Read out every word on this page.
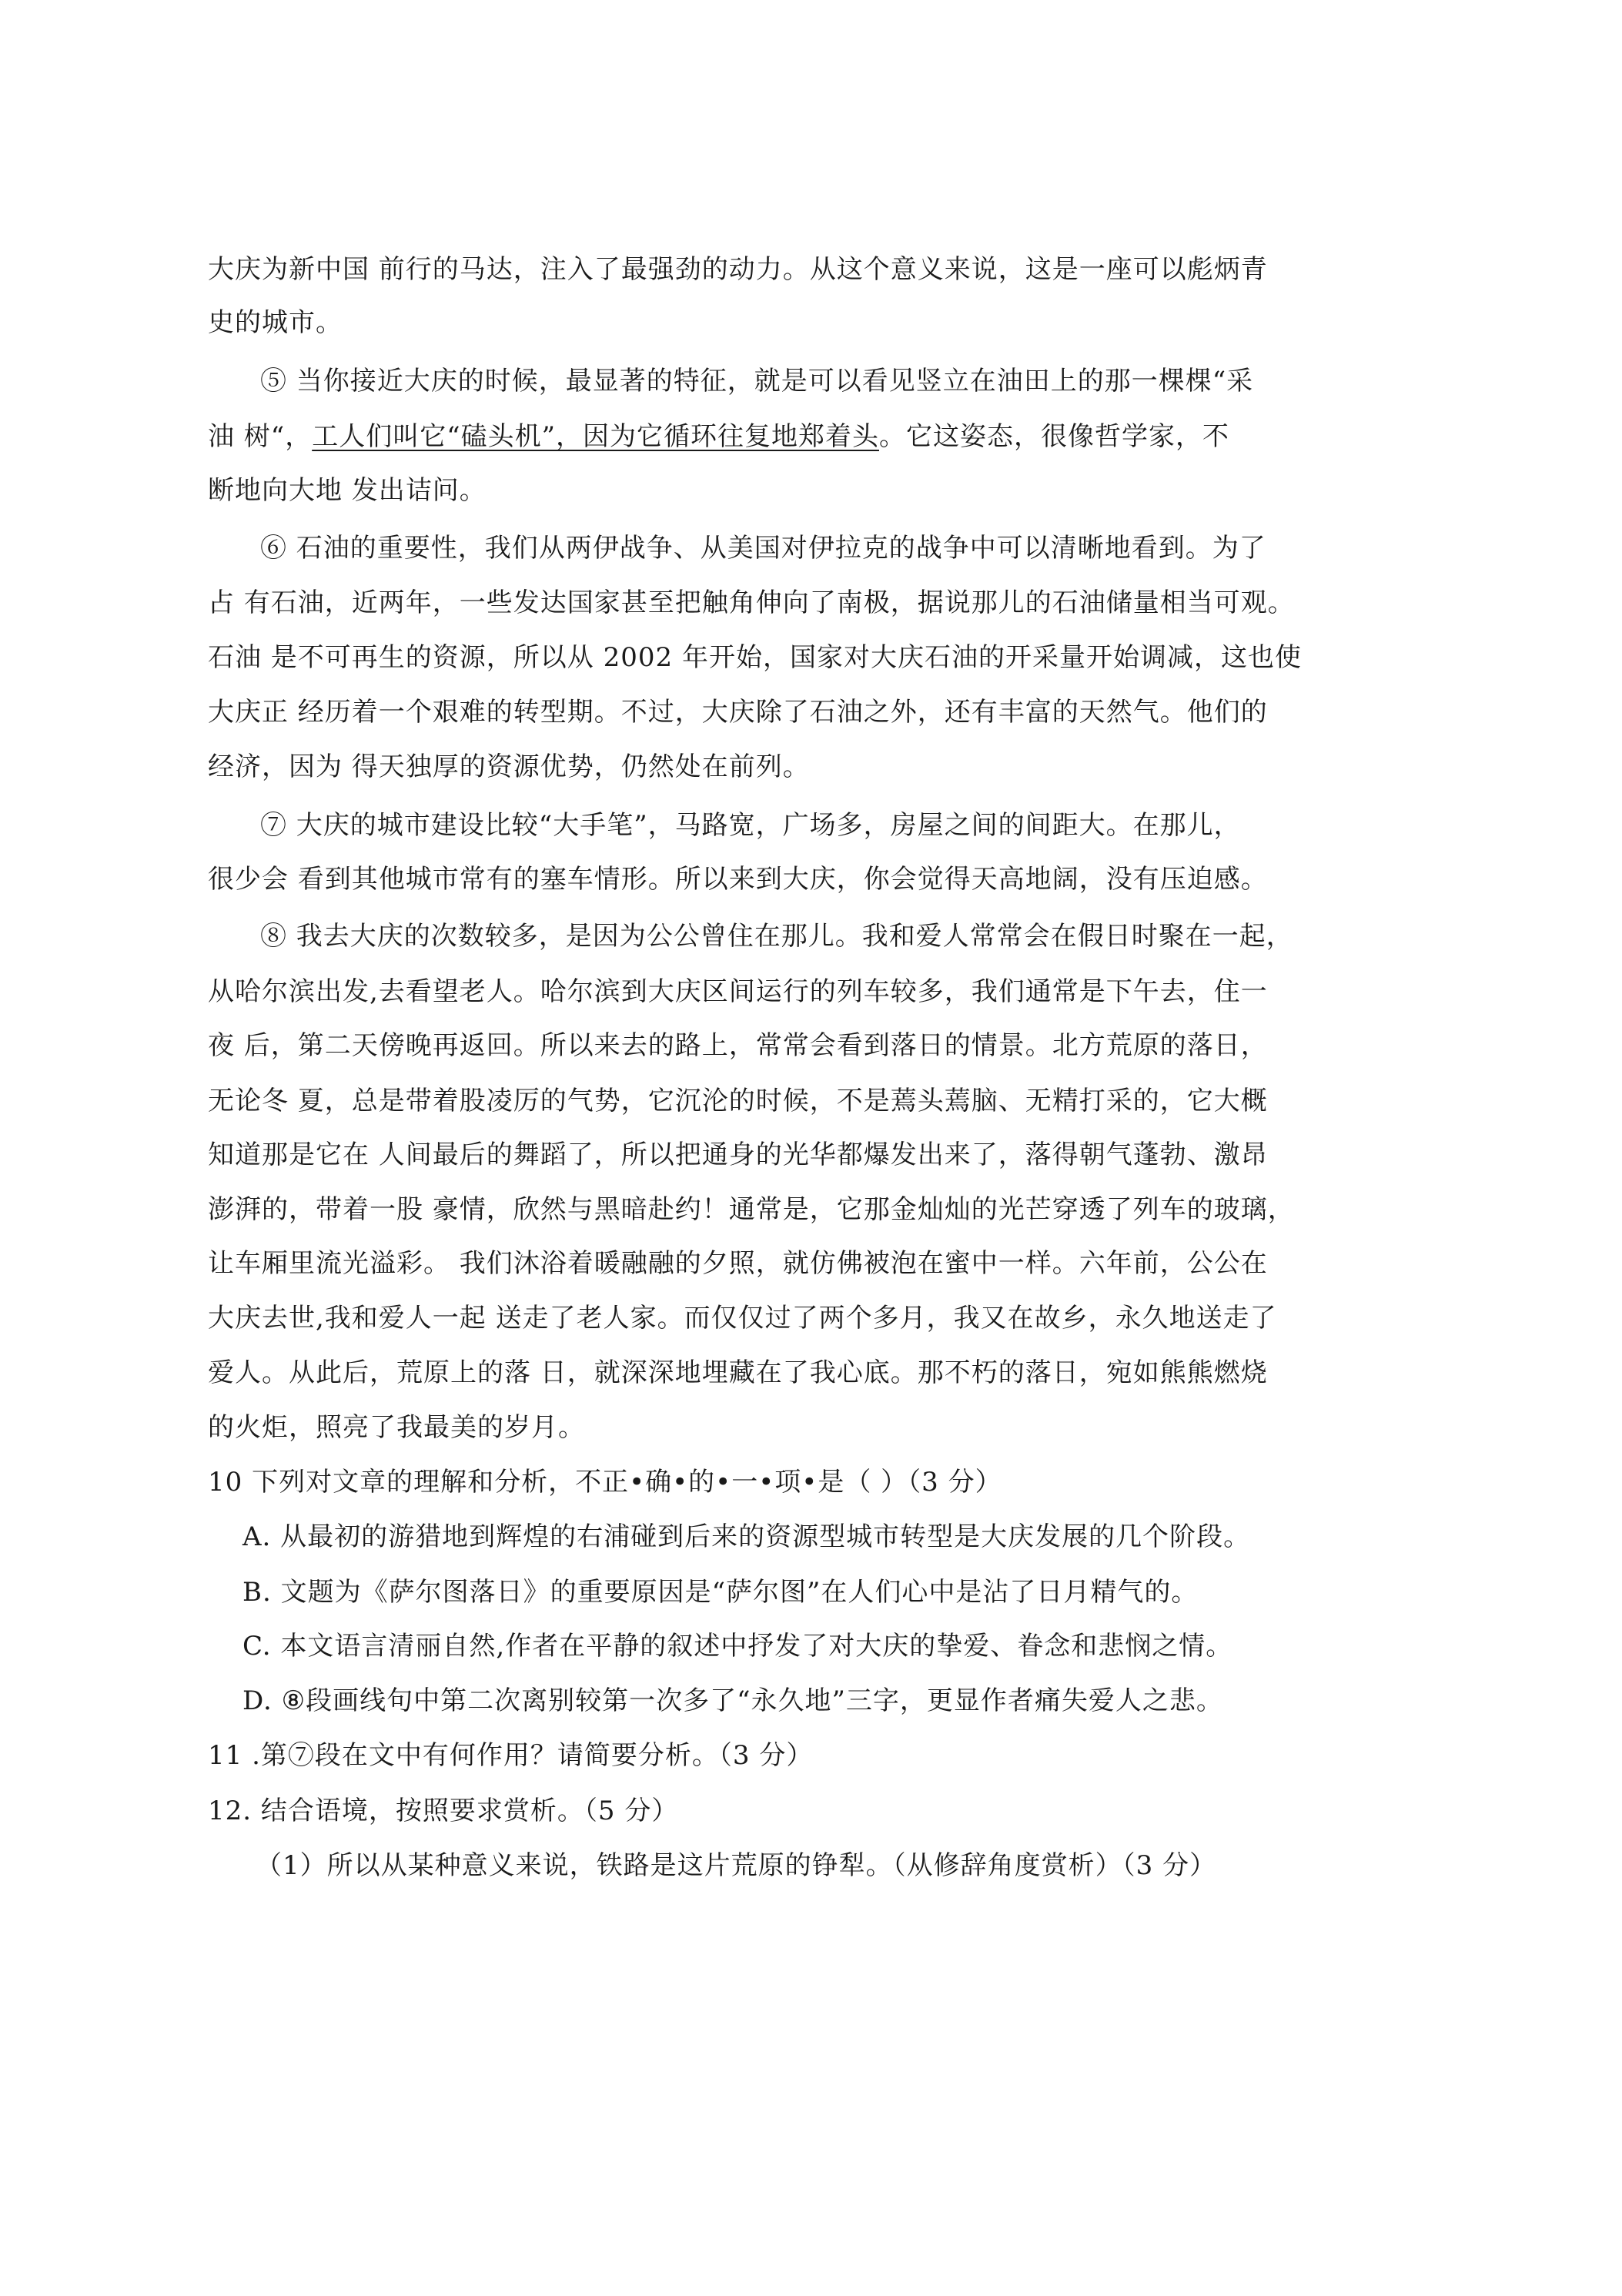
大庆为新中国 前行的马达，注入了最强劲的动力。从这个意义来说，这是一座可以彪炳青
史的城市。
⑤ 当你接近大庆的时候，最显著的特征，就是可以看见竖立在油田上的那一棵棵“采
油 树“，工人们叫它“磕头机”，因为它循环往复地郑着头。它这姿态，很像哲学家，不
断地向大地 发出诘问。
⑥ 石油的重要性，我们从两伊战争、从美国对伊拉克的战争中可以清晰地看到。为了
占 有石油，近两年，一些发达国家甚至把触角伸向了南极，据说那儿的石油储量相当可观。
石油 是不可再生的资源，所以从 2002 年开始，国家对大庆石油的开采量开始调减，这也使
大庆正 经历着一个艰难的转型期。不过，大庆除了石油之外，还有丰富的天然气。他们的
经济，因为 得天独厚的资源优势，仍然处在前列。
⑦ 大庆的城市建设比较“大手笔”，马路宽，广场多，房屋之间的间距大。在那儿，
很少会 看到其他城市常有的塞车情形。所以来到大庆，你会觉得天高地阔，没有压迫感。
⑧ 我去大庆的次数较多，是因为公公曾住在那儿。我和爱人常常会在假日时聚在一起，
从哈尔滨出发,去看望老人。哈尔滨到大庆区间运行的列车较多，我们通常是下午去，住一
夜 后，第二天傍晚再返回。所以来去的路上，常常会看到落日的情景。北方荒原的落日，
无论冬 夏，总是带着股凌厉的气势，它沉沦的时候，不是蔫头蔫脑、无精打采的，它大概
知道那是它在 人间最后的舞蹈了，所以把通身的光华都爆发出来了，落得朝气蓬勃、激昂
澎湃的，带着一股 豪情，欣然与黑暗赴约！通常是，它那金灿灿的光芒穿透了列车的玻璃，
让车厢里流光溢彩。 我们沐浴着暖融融的夕照，就仿佛被泡在蜜中一样。六年前，公公在
大庆去世,我和爱人一起 送走了老人家。而仅仅过了两个多月，我又在故乡，永久地送走了
爱人。从此后，荒原上的落 日，就深深地埋藏在了我心底。那不朽的落日，宛如熊熊燃烧
的火炬，照亮了我最美的岁月。
10 下列对文章的理解和分析，不正•确•的•一•项•是（ ）（3 分）
A. 从最初的游猎地到辉煌的右浦碰到后来的资源型城市转型是大庆发展的几个阶段。
B. 文题为《萨尔图落日》的重要原因是“萨尔图”在人们心中是沾了日月精气的。
C. 本文语言清丽自然,作者在平静的叙述中抒发了对大庆的挚爱、眷念和悲悯之情。
D. ⑧段画线句中第二次离别较第一次多了“永久地”三字，更显作者痛失爱人之悲。
11 .第⑦段在文中有何作用？请简要分析。（3 分）
12. 结合语境，按照要求赏析。（5 分）
（1）所以从某种意义来说，铁路是这片荒原的铮犁。（从修辞角度赏析）（3 分）
